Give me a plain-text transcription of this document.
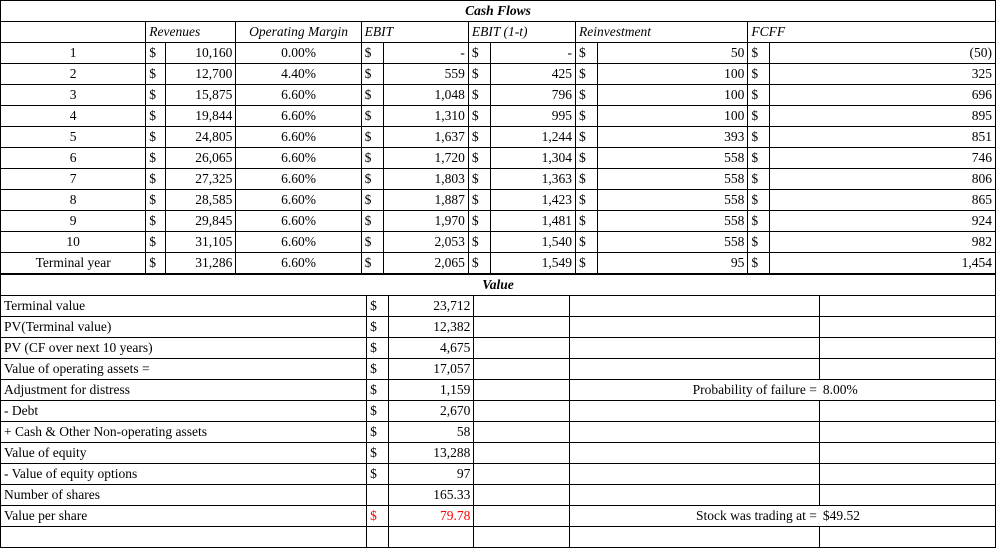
Cash Flows											
	Revenues		Operating Margin	EBIT		EBIT (1-t)		Reinvestment		FCFF	
1	$	10,160	0.00%	$	-	$	-	$	50	$	(50)
2	$	12,700	4.40%	$	559	$	425	$	100	$	325
3	$	15,875	6.60%	$	1,048	$	796	$	100	$	696
4	$	19,844	6.60%	$	1,310	$	995	$	100	$	895
5	$	24,805	6.60%	$	1,637	$	1,244	$	393	$	851
6	$	26,065	6.60%	$	1,720	$	1,304	$	558	$	746
7	$	27,325	6.60%	$	1,803	$	1,363	$	558	$	806
8	$	28,585	6.60%	$	1,887	$	1,423	$	558	$	865
9	$	29,845	6.60%	$	1,970	$	1,481	$	558	$	924
10	$	31,105	6.60%	$	2,053	$	1,540	$	558	$	982
Terminal year	$	31,286	6.60%	$	2,065	$	1,549	$	95	$	1,454
Value					
Terminal value	$	23,712			
PV(Terminal value)	$	12,382			
PV (CF over next 10 years)	$	4,675			
Value of operating assets =	$	17,057			
Adjustment for distress	$	1,159		Probability of failure =	8.00%
- Debt	$	2,670			
+ Cash & Other Non-operating assets	$	58			
Value of equity	$	13,288			
- Value of equity options	$	97			
Number of shares		165.33			
Value per share	$	79.78		Stock was trading at =	$49.52
